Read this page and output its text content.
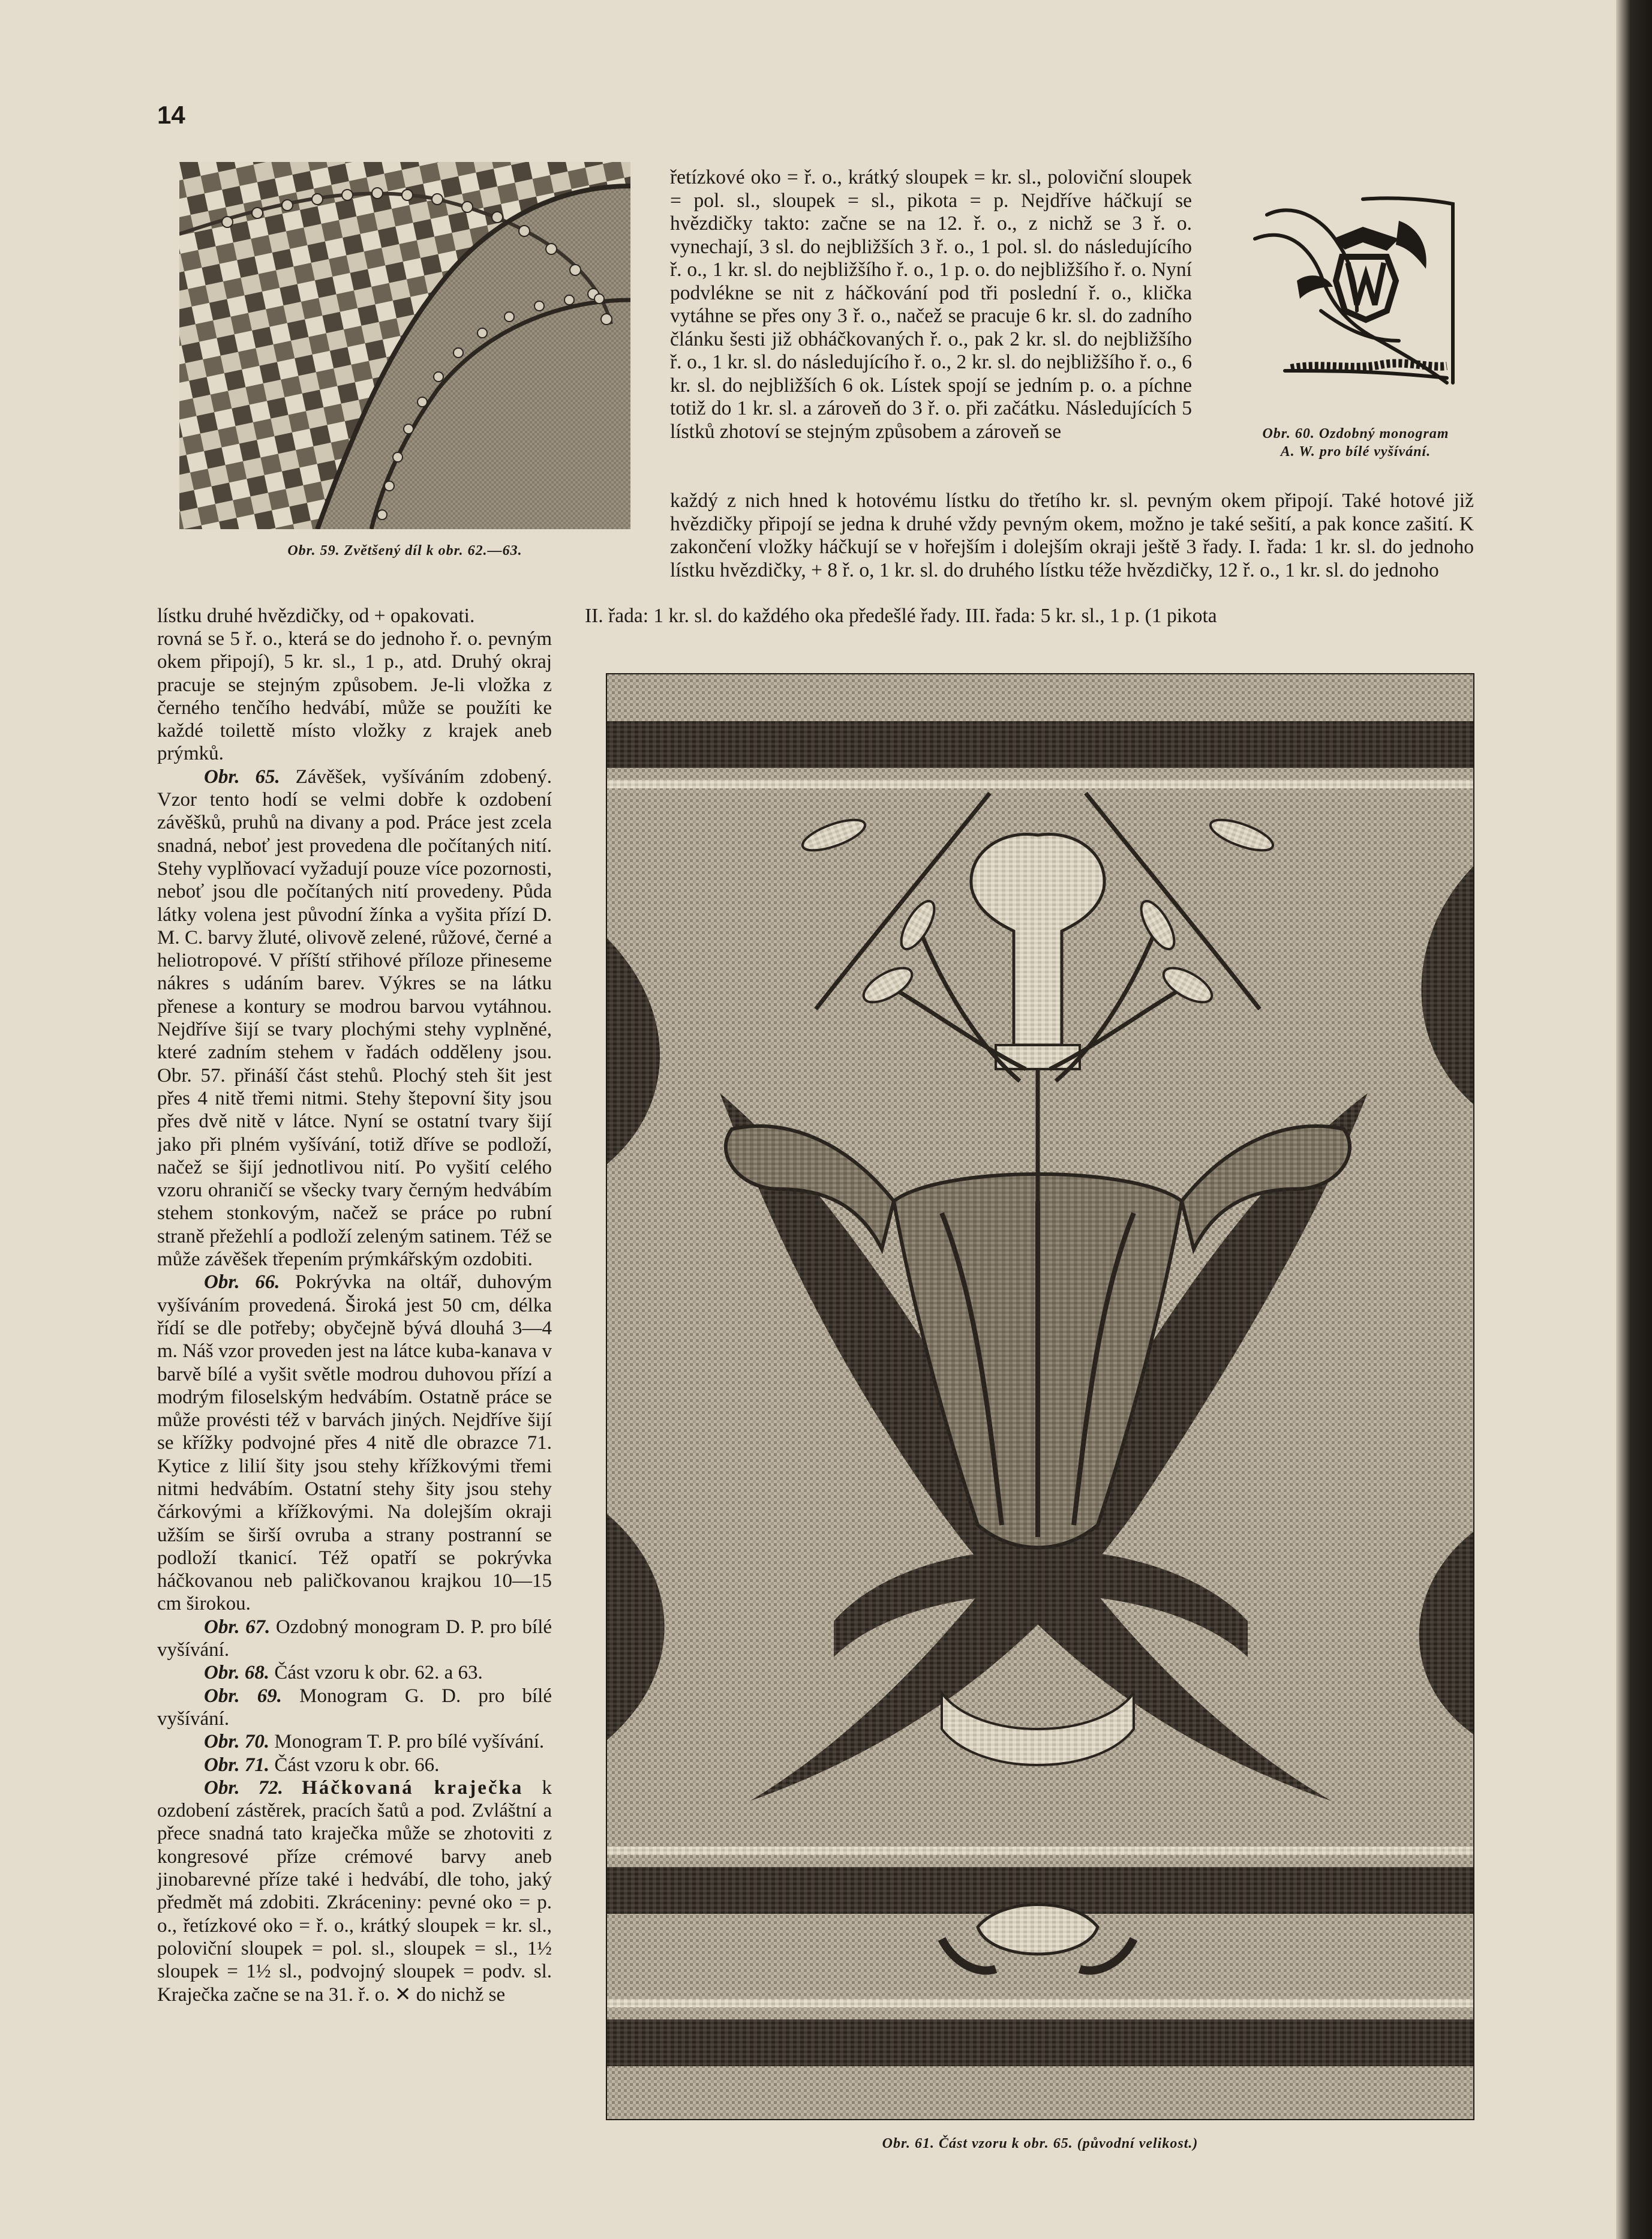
14
Obr. 59. Zvětšený díl k obr. 62.—63.
Obr. 60. Ozdobný monogram
A. W. pro bílé vyšívání.

řetízkové oko = ř. o., krátký sloupek = kr. sl., poloviční sloupek = pol. sl., sloupek = sl., pikota = p. Nejdříve háčkují se hvězdičky takto: začne se na 12. ř. o., z nichž se 3 ř. o. vynechají, 3 sl. do nejbližších 3 ř. o., 1 pol. sl. do následujícího ř. o., 1 kr. sl. do nejbližšího ř. o., 1 p. o. do nejbližšího ř. o. Nyní podvlékne se nit z háčkování pod tři poslední ř. o., klička vytáhne se přes ony 3 ř. o., načež se pracuje 6 kr. sl. do zadního článku šesti již obháčkovaných ř. o., pak 2 kr. sl. do nejbližšího ř. o., 1 kr. sl. do následujícího ř. o., 2 kr. sl. do nejbližšího ř. o., 6 kr. sl. do nejbližších 6 ok. Lístek spojí se jedním p. o. a píchne totiž do 1 kr. sl. a zároveň do 3 ř. o. při začátku. Následujících 5 lístků zhotoví se stejným způsobem a zároveň se

každý z nich hned k hotovému lístku do třetího kr. sl. pevným okem připojí. Také hotové již hvězdičky připojí se jedna k druhé vždy pevným okem, možno je také sešití, a pak konce zašití. K zakončení vložky háčkují se v hořejším i dolejším okraji ještě 3 řady. I. řada: 1 kr. sl. do jednoho lístku hvězdičky, + 8 ř. o, 1 kr. sl. do druhého lístku téže hvězdičky, 12 ř. o., 1 kr. sl. do jednoho

lístku druhé hvězdičky, od + opakovati.	II. řada: 1 kr. sl. do každého oka předešlé řady. III. řada: 5 kr. sl., 1 p. (1 pikota

rovná se 5 ř. o., která se do jednoho ř. o. pevným okem připojí), 5 kr. sl., 1 p., atd. Druhý okraj pracuje se stejným způsobem. Je-li vložka z černého tenčího hedvábí, může se použíti ke každé toilettě místo vložky z krajek aneb prýmků.

Obr. 65. Závěšek, vyšíváním zdobený. Vzor tento hodí se velmi dobře k ozdobení závěšků, pruhů na divany a pod. Práce jest zcela snadná, neboť jest provedena dle počítaných nití. Stehy vyplňovací vyžadují pouze více pozornosti, neboť jsou dle počítaných nití provedeny. Půda látky volena jest původní žínka a vyšita přízí D. M. C. barvy žluté, olivově zelené, růžové, černé a heliotropové. V příští střihové příloze přineseme nákres s udáním barev. Výkres se na látku přenese a kontury se modrou barvou vytáhnou. Nejdříve šijí se tvary plochými stehy vyplněné, které zadním stehem v řadách odděleny jsou. Obr. 57. přináší část stehů. Plochý steh šit jest přes 4 nitě třemi nitmi. Stehy štepovní šity jsou přes dvě nitě v látce. Nyní se ostatní tvary šijí jako při plném vyšívání, totiž dříve se podloží, načež se šijí jednotlivou nití. Po vyšití celého vzoru ohraničí se všecky tvary černým hedvábím stehem stonkovým, načež se práce po rubní straně přežehlí a podloží zeleným satinem. Též se může závěšek třepením prýmkářským ozdobiti.

Obr. 66. Pokrývka na oltář, duhovým vyšíváním provedená. Široká jest 50 cm, délka řídí se dle potřeby; obyčejně bývá dlouhá 3—4 m. Náš vzor proveden jest na látce kuba-kanava v barvě bílé a vyšit světle modrou duhovou přízí a modrým filoselským hedvábím. Ostatně práce se může provésti též v barvách jiných. Nejdříve šijí se křížky podvojné přes 4 nitě dle obrazce 71. Kytice z lilií šity jsou stehy křížkovými třemi nitmi hedvábím. Ostatní stehy šity jsou stehy čárkovými a křížkovými. Na dolejším okraji užším se širší ovruba a strany postranní se podloží tkanicí. Též opatří se pokrývka háčkovanou neb paličkovanou krajkou 10—15 cm širokou.

Obr. 67. Ozdobný monogram D. P. pro bílé vyšívání.

Obr. 68. Část vzoru k obr. 62. a 63.

Obr. 69. Monogram G. D. pro bílé vyšívání.

Obr. 70. Monogram T. P. pro bílé vyšívání.

Obr. 71. Část vzoru k obr. 66.

Obr. 72. Háčkovaná kraječka k ozdobení zástěrek, pracích šatů a pod. Zvláštní a přece snadná tato kraječka může se zhotoviti z kongresové příze crémové barvy aneb jinobarevné příze také i hedvábí, dle toho, jaký předmět má zdobiti. Zkráceniny: pevné oko = p. o., řetízkové oko = ř. o., krátký sloupek = kr. sl., poloviční sloupek = pol. sl., sloupek = sl., 1½ sloupek = 1½ sl., podvojný sloupek = podv. sl. Kraječka začne se na 31. ř. o. ✕ do nichž se

Obr. 61. Část vzoru k obr. 65. (původní velikost.)
